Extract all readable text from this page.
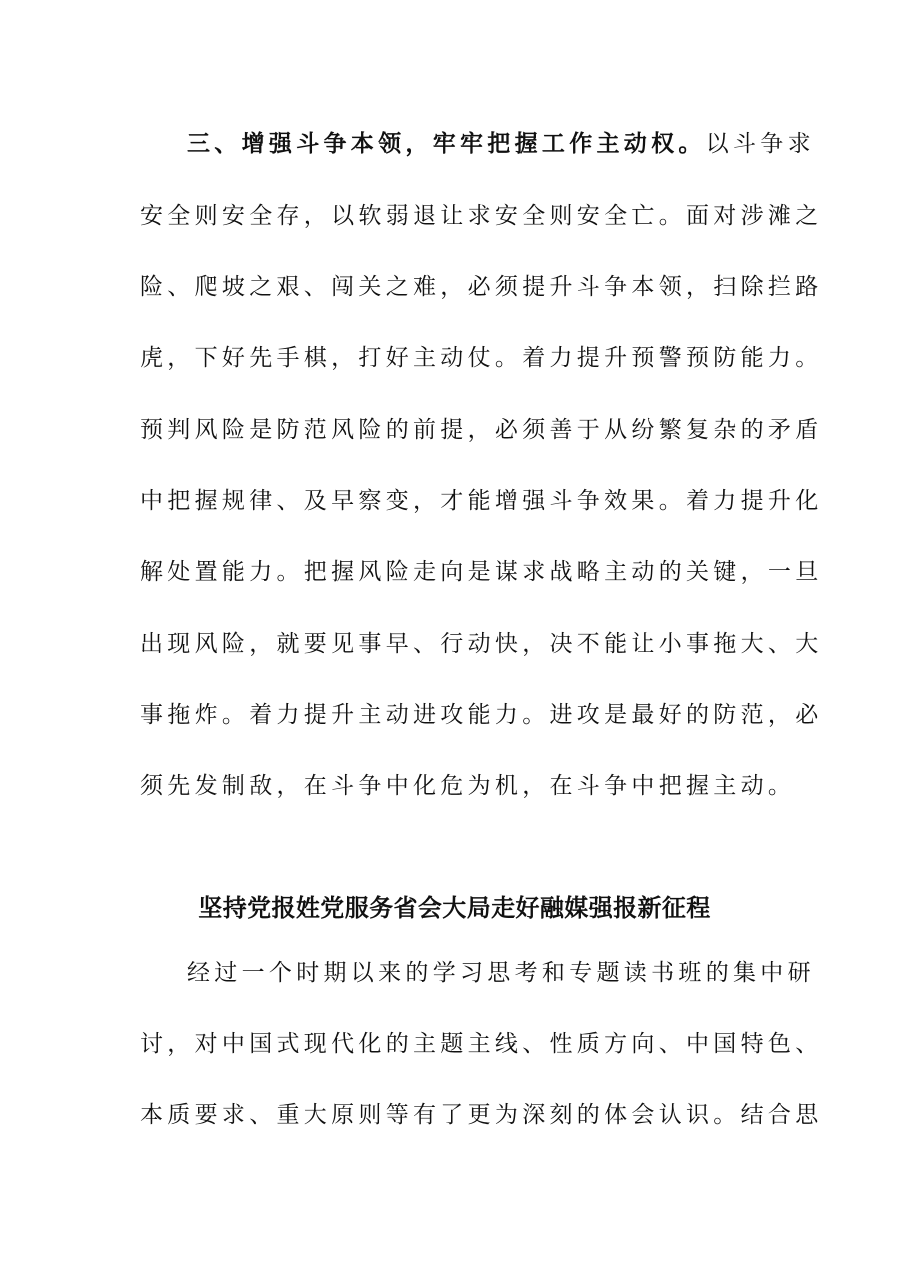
三、增强斗争本领，牢牢把握工作主动权。以斗争求
安全则安全存，以软弱退让求安全则安全亡。面对涉滩之
险、爬坡之艰、闯关之难，必须提升斗争本领，扫除拦路
虎，下好先手棋，打好主动仗。着力提升预警预防能力。
预判风险是防范风险的前提，必须善于从纷繁复杂的矛盾
中把握规律、及早察变，才能增强斗争效果。着力提升化
解处置能力。把握风险走向是谋求战略主动的关键，一旦
出现风险，就要见事早、行动快，决不能让小事拖大、大
事拖炸。着力提升主动进攻能力。进攻是最好的防范，必
须先发制敌，在斗争中化危为机，在斗争中把握主动。
坚持党报姓党服务省会大局走好融媒强报新征程
经过一个时期以来的学习思考和专题读书班的集中研
讨，对中国式现代化的主题主线、性质方向、中国特色、
本质要求、重大原则等有了更为深刻的体会认识。结合思
